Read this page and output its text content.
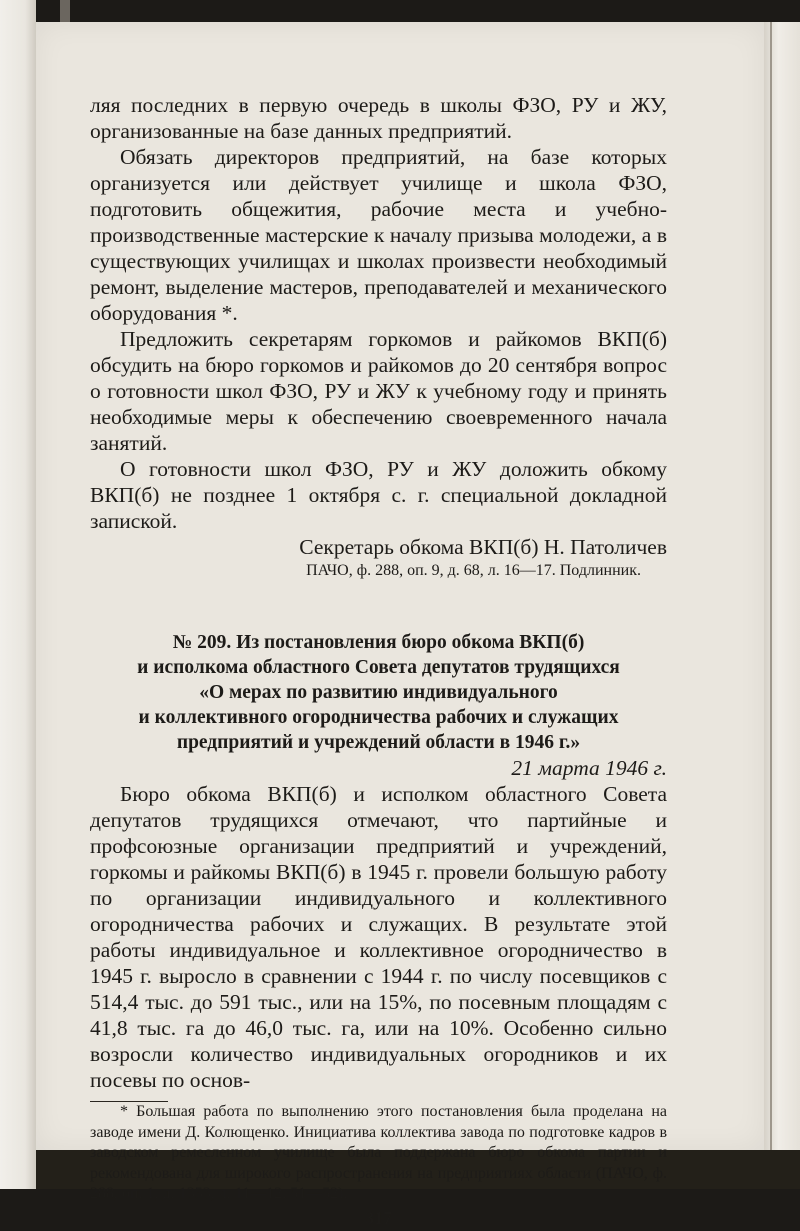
ляя последних в первую очередь в школы ФЗО, РУ и ЖУ, организованные на базе данных предприятий.

Обязать директоров предприятий, на базе которых организуется или действует училище и школа ФЗО, подготовить общежития, рабочие места и учебно-производственные мастерские к началу призыва молодежи, а в существующих училищах и школах произвести необходимый ремонт, выделение мастеров, преподавателей и механического оборудования *.

Предложить секретарям горкомов и райкомов ВКП(б) обсудить на бюро горкомов и райкомов до 20 сентября вопрос о готовности школ ФЗО, РУ и ЖУ к учебному году и принять необходимые меры к обеспечению своевременного начала занятий.

О готовности школ ФЗО, РУ и ЖУ доложить обкому ВКП(б) не позднее 1 октября с. г. специальной докладной запиской.

Секретарь обкома ВКП(б) Н. Патоличев

ПАЧО, ф. 288, оп. 9, д. 68, л. 16—17. Подлинник.

№ 209. Из постановления бюро обкома ВКП(б)
и исполкома областного Совета депутатов трудящихся
«О мерах по развитию индивидуального
и коллективного огородничества рабочих и служащих
предприятий и учреждений области в 1946 г.»

21 марта 1946 г.

Бюро обкома ВКП(б) и исполком областного Совета депутатов трудящихся отмечают, что партийные и профсоюзные организации предприятий и учреждений, горкомы и райкомы ВКП(б) в 1945 г. провели большую работу по организации индивидуального и коллективного огородничества рабочих и служащих. В результате этой работы индивидуальное и коллективное огородничество в 1945 г. выросло в сравнении с 1944 г. по числу посевщиков с 514,4 тыс. до 591 тыс., или на 15%, по посевным площадям с 41,8 тыс. га до 46,0 тыс. га, или на 10%. Особенно сильно возросли количество индивидуальных огородников и их посевы по основ-

* Большая работа по выполнению этого постановления была проделана на заводе имени Д. Колющенко. Инициатива коллектива завода по подготовке кадров в заводском ремесленном училище была поддержана бюро обкома партии и рекомендована для широкого распространения на предприятиях области (ПАЧО, ф. 288, оп. 1, д. 1353, л. 11—12, 51—52).

317
